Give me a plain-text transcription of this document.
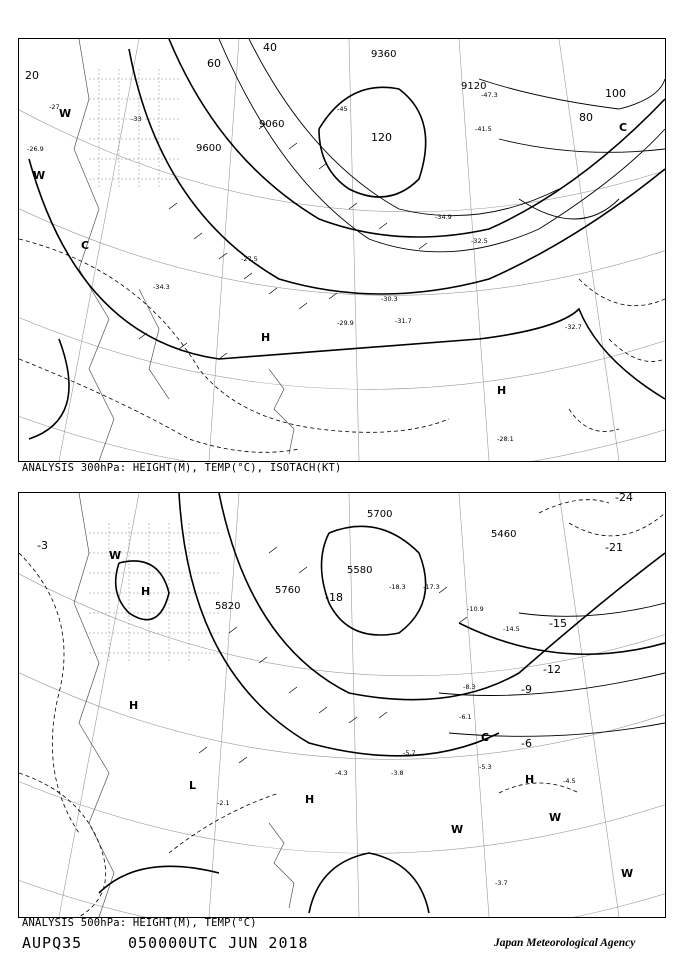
9360
9120
9060
9600
20
40
60
80
100
120
H
H
C
C
W
W
-27
-33
-45
-47.3
-41.5
-34.9
-30.3
-31.7
-28.1
-32.7
-29.9
-26.9
-27.5
-34.3
-32.5
ANALYSIS 300hPa: HEIGHT(M), TEMP(°C), ISOTACH(KT)
5700
5580
5820
5760
5460
-3
-6
-9
-12
-15
-18
-21
-24
H
H
H
H
L
C
W
W
W
W
-5.7
-3.8
-4.5
-3.7
-14.5
-10.9
-8.3
-6.1
-17.3
-18.3
-5.3
-4.3
-2.1
ANALYSIS 500hPa: HEIGHT(M), TEMP(°C)
AUPQ35	050000UTC JUN 2018	Japan Meteorological Agency
